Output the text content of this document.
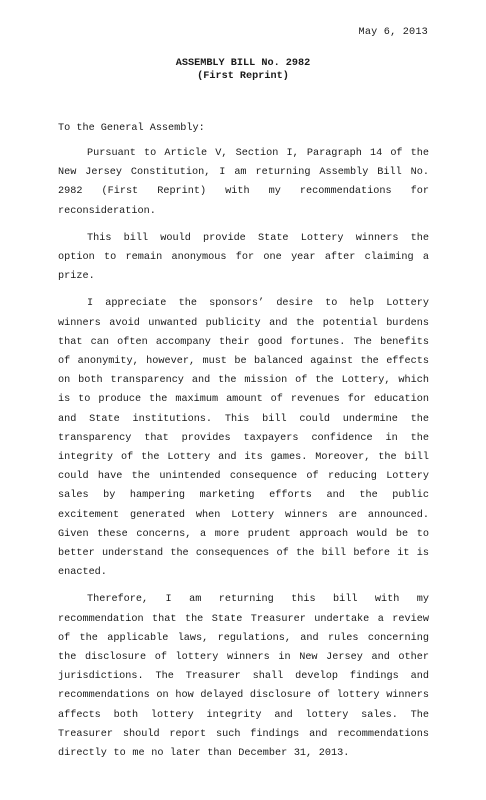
May 6, 2013
ASSEMBLY BILL No. 2982
(First Reprint)
To the General Assembly:

Pursuant to Article V, Section I, Paragraph 14 of the New Jersey Constitution, I am returning Assembly Bill No. 2982 (First Reprint) with my recommendations for reconsideration.

This bill would provide State Lottery winners the option to remain anonymous for one year after claiming a prize.

I appreciate the sponsors’ desire to help Lottery winners avoid unwanted publicity and the potential burdens that can often accompany their good fortunes. The benefits of anonymity, however, must be balanced against the effects on both transparency and the mission of the Lottery, which is to produce the maximum amount of revenues for education and State institutions. This bill could undermine the transparency that provides taxpayers confidence in the integrity of the Lottery and its games. Moreover, the bill could have the unintended consequence of reducing Lottery sales by hampering marketing efforts and the public excitement generated when Lottery winners are announced. Given these concerns, a more prudent approach would be to better understand the consequences of the bill before it is enacted.

Therefore, I am returning this bill with my recommendation that the State Treasurer undertake a review of the applicable laws, regulations, and rules concerning the disclosure of lottery winners in New Jersey and other jurisdictions. The Treasurer shall develop findings and recommendations on how delayed disclosure of lottery winners affects both lottery integrity and lottery sales. The Treasurer should report such findings and recommendations directly to me no later than December 31, 2013.
